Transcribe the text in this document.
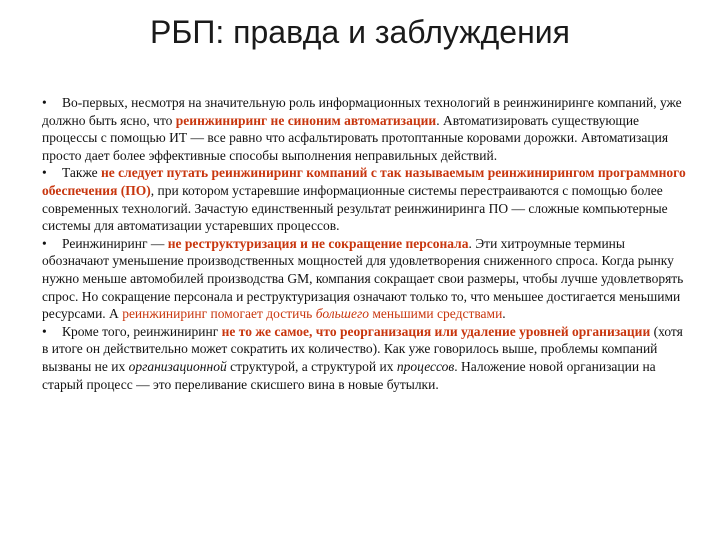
РБП: правда и заблуждения

• Во-первых, несмотря на значительную роль информационных технологий в реинжиниринге компаний, уже должно быть ясно, что реинжиниринг не синоним автоматизации. Автоматизировать существующие процессы с помощью ИТ — все равно что асфальтировать протоптанные коровами дорожки. Автоматизация просто дает более эффективные способы выполнения неправильных действий.

• Также не следует путать реинжиниринг компаний с так называемым реинжинирингом программного обеспечения (ПО), при котором устаревшие информационные системы перестраиваются с помощью более современных технологий. Зачастую единственный результат реинжиниринга ПО — сложные компьютерные системы для автоматизации устаревших процессов.

• Реинжиниринг — не реструктуризация и не сокращение персонала. Эти хитроумные термины обозначают уменьшение производственных мощностей для удовлетворения сниженного спроса. Когда рынку нужно меньше автомобилей производства GM, компания сокращает свои размеры, чтобы лучше удовлетворять спрос. Но сокращение персонала и реструктуризация означают только то, что меньшее достигается меньшими ресурсами. А реинжиниринг помогает достичь большего меньшими средствами.

• Кроме того, реинжиниринг не то же самое, что реорганизация или удаление уровней организации (хотя в итоге он действительно может сократить их количество). Как уже говорилось выше, проблемы компаний вызваны не их организационной структурой, а структурой их процессов. Наложение новой организации на старый процесс — это переливание скисшего вина в новые бутылки.
